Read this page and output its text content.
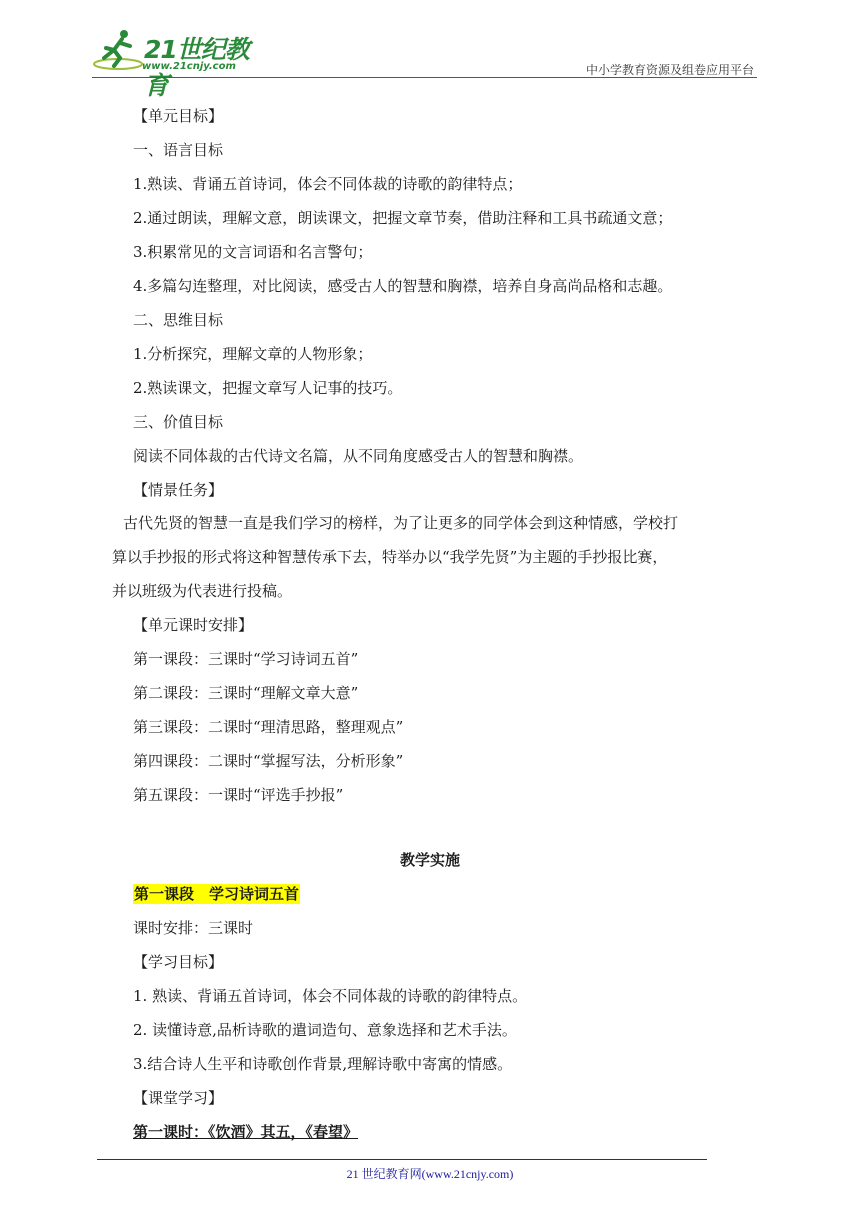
21世纪教育
www.21cnjy.com	中小学教育资源及组卷应用平台
【单元目标】
一、语言目标
1.熟读、背诵五首诗词，体会不同体裁的诗歌的韵律特点；
2.通过朗读，理解文意，朗读课文，把握文章节奏，借助注释和工具书疏通文意；
3.积累常见的文言词语和名言警句；
4.多篇勾连整理，对比阅读，感受古人的智慧和胸襟，培养自身高尚品格和志趣。
二、思维目标
1.分析探究，理解文章的人物形象；
2.熟读课文，把握文章写人记事的技巧。
三、价值目标
阅读不同体裁的古代诗文名篇，从不同角度感受古人的智慧和胸襟。
【情景任务】
古代先贤的智慧一直是我们学习的榜样，为了让更多的同学体会到这种情感，学校打
算以手抄报的形式将这种智慧传承下去，特举办以“我学先贤”为主题的手抄报比赛，
并以班级为代表进行投稿。
【单元课时安排】
第一课段：三课时“学习诗词五首”
第二课段：三课时“理解文章大意”
第三课段：二课时“理清思路，整理观点”
第四课段：二课时“掌握写法，分析形象”
第五课段：一课时“评选手抄报”
教学实施
第一课段　学习诗词五首
课时安排：三课时
【学习目标】
1. 熟读、背诵五首诗词，体会不同体裁的诗歌的韵律特点。
2. 读懂诗意,品析诗歌的遣词造句、意象选择和艺术手法。
3.结合诗人生平和诗歌创作背景,理解诗歌中寄寓的情感。
【课堂学习】
第一课时：《饮酒》其五，《春望》
21 世纪教育网(www.21cnjy.com)
